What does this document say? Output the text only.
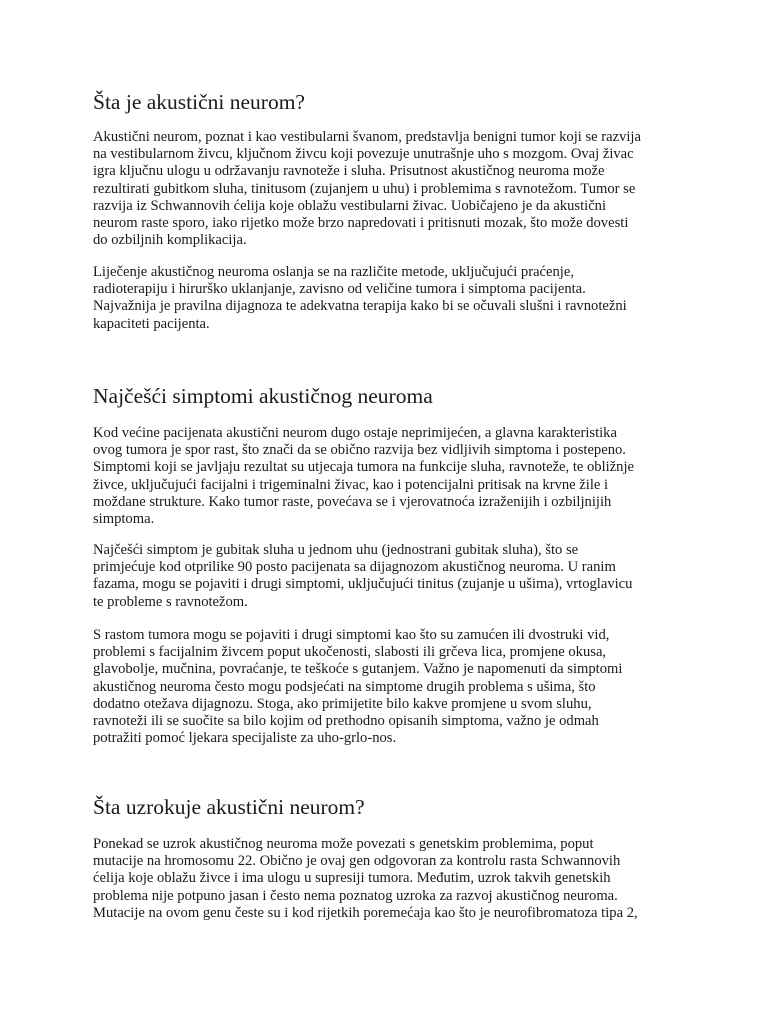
Šta je akustični neurom?

Akustični neurom, poznat i kao vestibularni švanom, predstavlja benigni tumor koji se razvija
na vestibularnom živcu, ključnom živcu koji povezuje unutrašnje uho s mozgom. Ovaj živac
igra ključnu ulogu u održavanju ravnoteže i sluha. Prisutnost akustičnog neuroma može
rezultirati gubitkom sluha, tinitusom (zujanjem u uhu) i problemima s ravnotežom. Tumor se
razvija iz Schwannovih ćelija koje oblažu vestibularni živac. Uobičajeno je da akustični
neurom raste sporo, iako rijetko može brzo napredovati i pritisnuti mozak, što može dovesti
do ozbiljnih komplikacija.

Liječenje akustičnog neuroma oslanja se na različite metode, uključujući praćenje,
radioterapiju i hirurško uklanjanje, zavisno od veličine tumora i simptoma pacijenta.
Najvažnija je pravilna dijagnoza te adekvatna terapija kako bi se očuvali slušni i ravnotežni
kapaciteti pacijenta.

Najčešći simptomi akustičnog neuroma

Kod većine pacijenata akustični neurom dugo ostaje neprimijećen, a glavna karakteristika
ovog tumora je spor rast, što znači da se obično razvija bez vidljivih simptoma i postepeno.
Simptomi koji se javljaju rezultat su utjecaja tumora na funkcije sluha, ravnoteže, te obližnje
živce, uključujući facijalni i trigeminalni živac, kao i potencijalni pritisak na krvne žile i
moždane strukture. Kako tumor raste, povećava se i vjerovatnoća izraženijih i ozbiljnijih
simptoma.

Najčešći simptom je gubitak sluha u jednom uhu (jednostrani gubitak sluha), što se
primjećuje kod otprilike 90 posto pacijenata sa dijagnozom akustičnog neuroma. U ranim
fazama, mogu se pojaviti i drugi simptomi, uključujući tinitus (zujanje u ušima), vrtoglavicu
te probleme s ravnotežom.

S rastom tumora mogu se pojaviti i drugi simptomi kao što su zamućen ili dvostruki vid,
problemi s facijalnim živcem poput ukočenosti, slabosti ili grčeva lica, promjene okusa,
glavobolje, mučnina, povraćanje, te teškoće s gutanjem. Važno je napomenuti da simptomi
akustičnog neuroma često mogu podsjećati na simptome drugih problema s ušima, što
dodatno otežava dijagnozu. Stoga, ako primijetite bilo kakve promjene u svom sluhu,
ravnoteži ili se suočite sa bilo kojim od prethodno opisanih simptoma, važno je odmah
potražiti pomoć ljekara specijaliste za uho-grlo-nos.

Šta uzrokuje akustični neurom?

Ponekad se uzrok akustičnog neuroma može povezati s genetskim problemima, poput
mutacije na hromosomu 22. Obično je ovaj gen odgovoran za kontrolu rasta Schwannovih
ćelija koje oblažu živce i ima ulogu u supresiji tumora. Međutim, uzrok takvih genetskih
problema nije potpuno jasan i često nema poznatog uzroka za razvoj akustičnog neuroma.
Mutacije na ovom genu česte su i kod rijetkih poremećaja kao što je neurofibromatoza tipa 2,
